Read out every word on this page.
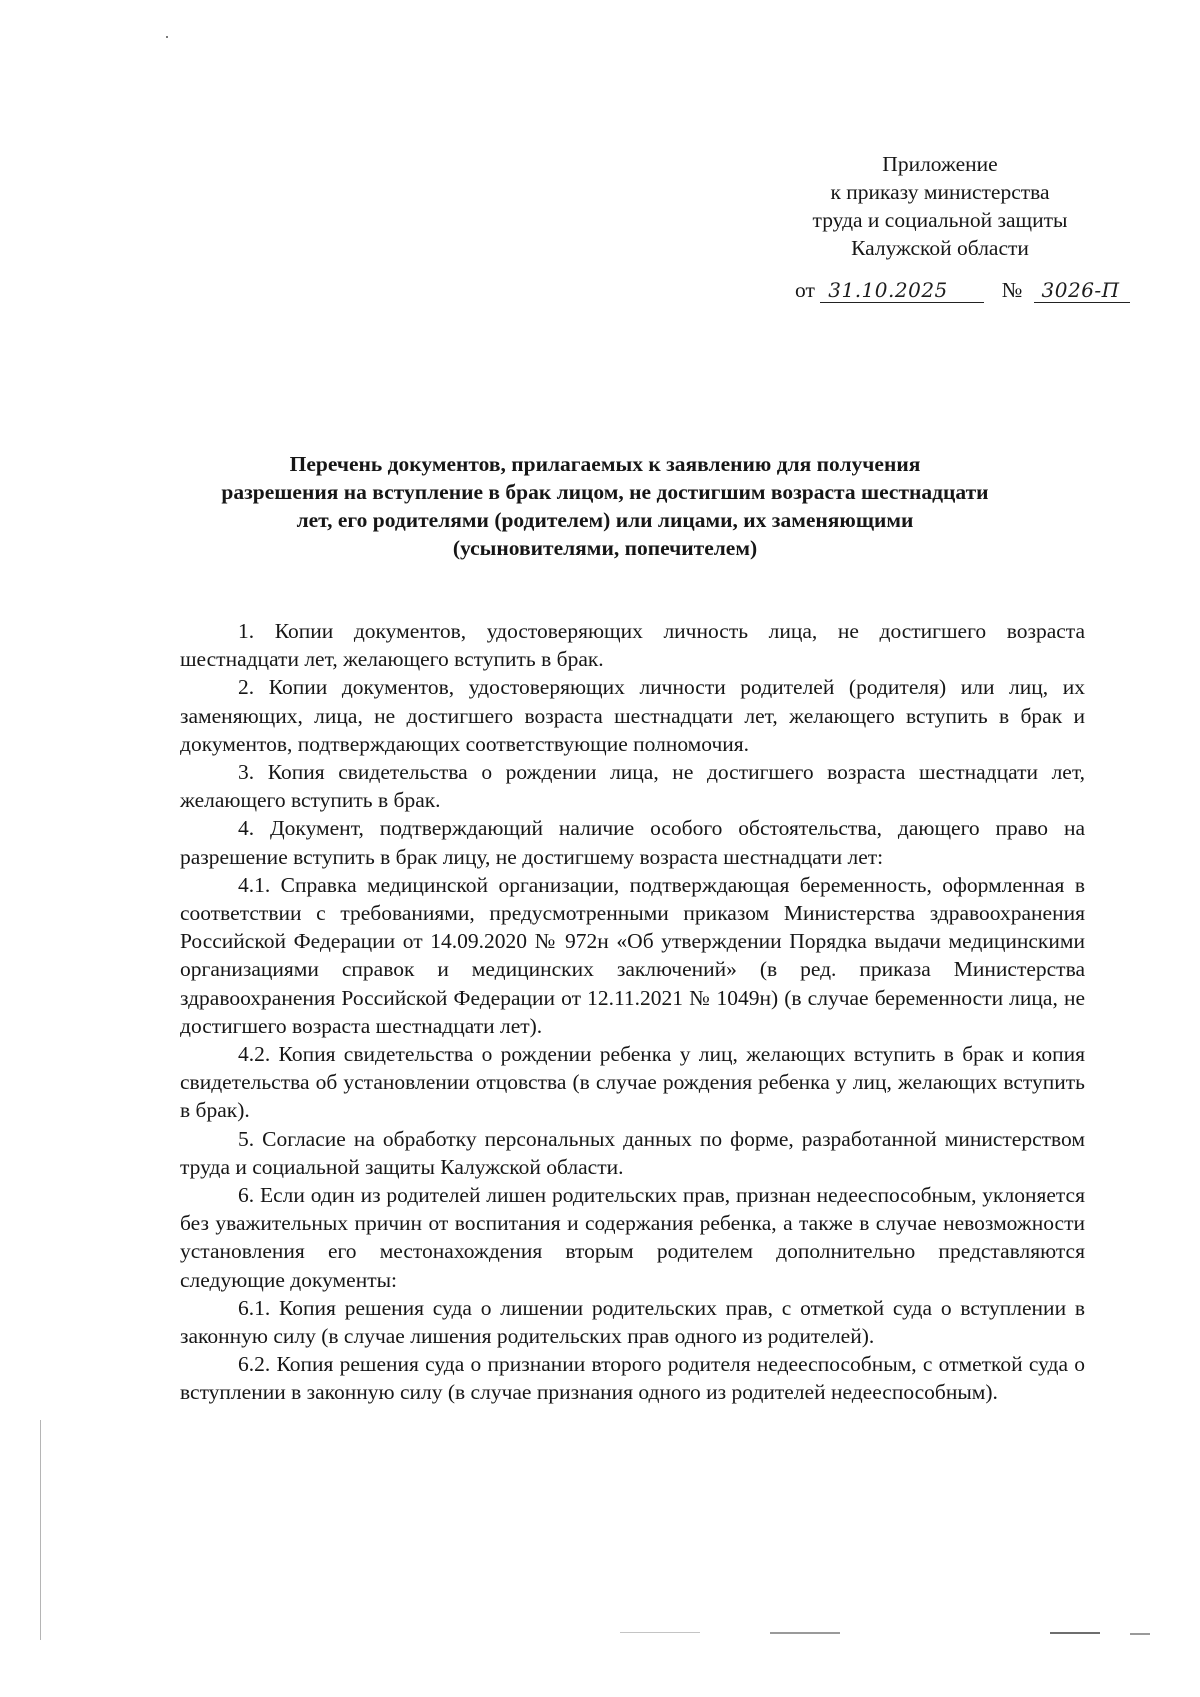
Приложение
к приказу министерства
труда и социальной защиты
Калужской области
от 31.10.2025	№ 3026-П
Перечень документов, прилагаемых к заявлению для получения
разрешения на вступление в брак лицом, не достигшим возраста шестнадцати
лет, его родителями (родителем) или лицами, их заменяющими
(усыновителями, попечителем)

1. Копии документов, удостоверяющих личность лица, не достигшего возраста шестнадцати лет, желающего вступить в брак.

2. Копии документов, удостоверяющих личности родителей (родителя) или лиц, их заменяющих, лица, не достигшего возраста шестнадцати лет, желающего вступить в брак и документов, подтверждающих соответствующие полномочия.

3. Копия свидетельства о рождении лица, не достигшего возраста шестнадцати лет, желающего вступить в брак.

4. Документ, подтверждающий наличие особого обстоятельства, дающего право на разрешение вступить в брак лицу, не достигшему возраста шестнадцати лет:

4.1. Справка медицинской организации, подтверждающая беременность, оформленная в соответствии с требованиями, предусмотренными приказом Министерства здравоохранения Российской Федерации от 14.09.2020 № 972н «Об утверждении Порядка выдачи медицинскими организациями справок и медицинских заключений» (в ред. приказа Министерства здравоохранения Российской Федерации от 12.11.2021 № 1049н) (в случае беременности лица, не достигшего возраста шестнадцати лет).

4.2. Копия свидетельства о рождении ребенка у лиц, желающих вступить в брак и копия свидетельства об установлении отцовства (в случае рождения ребенка у лиц, желающих вступить в брак).

5. Согласие на обработку персональных данных по форме, разработанной министерством труда и социальной защиты Калужской области.

6. Если один из родителей лишен родительских прав, признан недееспособным, уклоняется без уважительных причин от воспитания и содержания ребенка, а также в случае невозможности установления его местонахождения вторым родителем дополнительно представляются следующие документы:

6.1. Копия решения суда о лишении родительских прав, с отметкой суда о вступлении в законную силу (в случае лишения родительских прав одного из родителей).

6.2. Копия решения суда о признании второго родителя недееспособным, с отметкой суда о вступлении в законную силу (в случае признания одного из родителей недееспособным).
